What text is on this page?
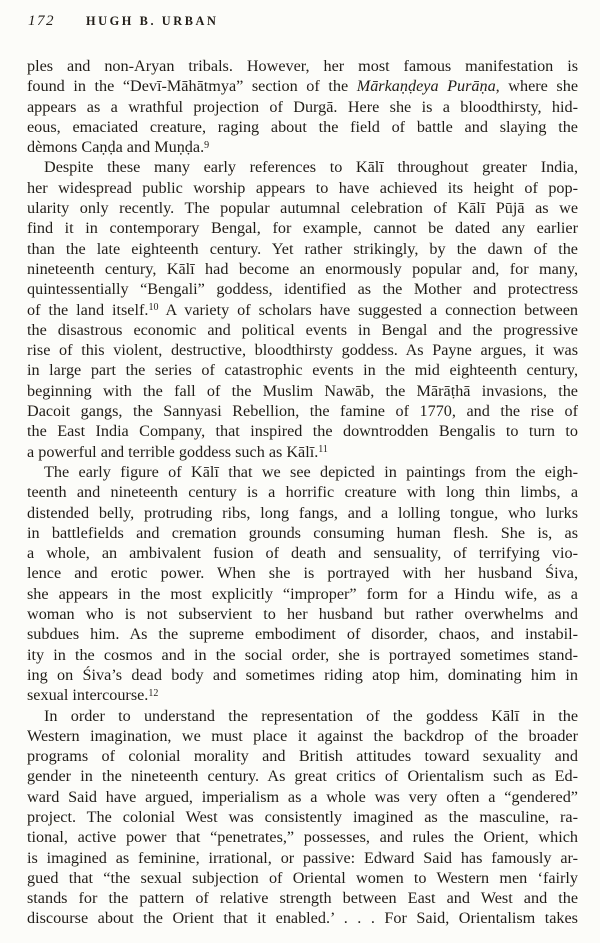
172	HUGH B. URBAN
ples and non-Aryan tribals. However, her most famous manifestation is
found in the “Devī-Māhātmya” section of the Mārkaṇḍeya Purāṇa, where she
appears as a wrathful projection of Durgā. Here she is a bloodthirsty, hid-
eous, emaciated creature, raging about the field of battle and slaying the
dèmons Caṇḍa and Muṇḍa.$^9$
Despite these many early references to Kālī throughout greater India,
her widespread public worship appears to have achieved its height of pop-
ularity only recently. The popular autumnal celebration of Kālī Pūjā as we
find it in contemporary Bengal, for example, cannot be dated any earlier
than the late eighteenth century. Yet rather strikingly, by the dawn of the
nineteenth century, Kālī had become an enormously popular and, for many,
quintessentially “Bengali” goddess, identified as the Mother and protectress
of the land itself.$^{10}$ A variety of scholars have suggested a connection between
the disastrous economic and political events in Bengal and the progressive
rise of this violent, destructive, bloodthirsty goddess. As Payne argues, it was
in large part the series of catastrophic events in the mid eighteenth century,
beginning with the fall of the Muslim Nawāb, the Mārāṭhā invasions, the
Dacoit gangs, the Sannyasi Rebellion, the famine of 1770, and the rise of
the East India Company, that inspired the downtrodden Bengalis to turn to
a powerful and terrible goddess such as Kālī.$^{11}$
The early figure of Kālī that we see depicted in paintings from the eigh-
teenth and nineteenth century is a horrific creature with long thin limbs, a
distended belly, protruding ribs, long fangs, and a lolling tongue, who lurks
in battlefields and cremation grounds consuming human flesh. She is, as
a whole, an ambivalent fusion of death and sensuality, of terrifying vio-
lence and erotic power. When she is portrayed with her husband Śiva,
she appears in the most explicitly “improper” form for a Hindu wife, as a
woman who is not subservient to her husband but rather overwhelms and
subdues him. As the supreme embodiment of disorder, chaos, and instabil-
ity in the cosmos and in the social order, she is portrayed sometimes stand-
ing on Śiva’s dead body and sometimes riding atop him, dominating him in
sexual intercourse.$^{12}$
In order to understand the representation of the goddess Kālī in the
Western imagination, we must place it against the backdrop of the broader
programs of colonial morality and British attitudes toward sexuality and
gender in the nineteenth century. As great critics of Orientalism such as Ed-
ward Said have argued, imperialism as a whole was very often a “gendered”
project. The colonial West was consistently imagined as the masculine, ra-
tional, active power that “penetrates,” possesses, and rules the Orient, which
is imagined as feminine, irrational, or passive: Edward Said has famously ar-
gued that “the sexual subjection of Oriental women to Western men ‘fairly
stands for the pattern of relative strength between East and West and the
discourse about the Orient that it enabled.’ . . . For Said, Orientalism takes
